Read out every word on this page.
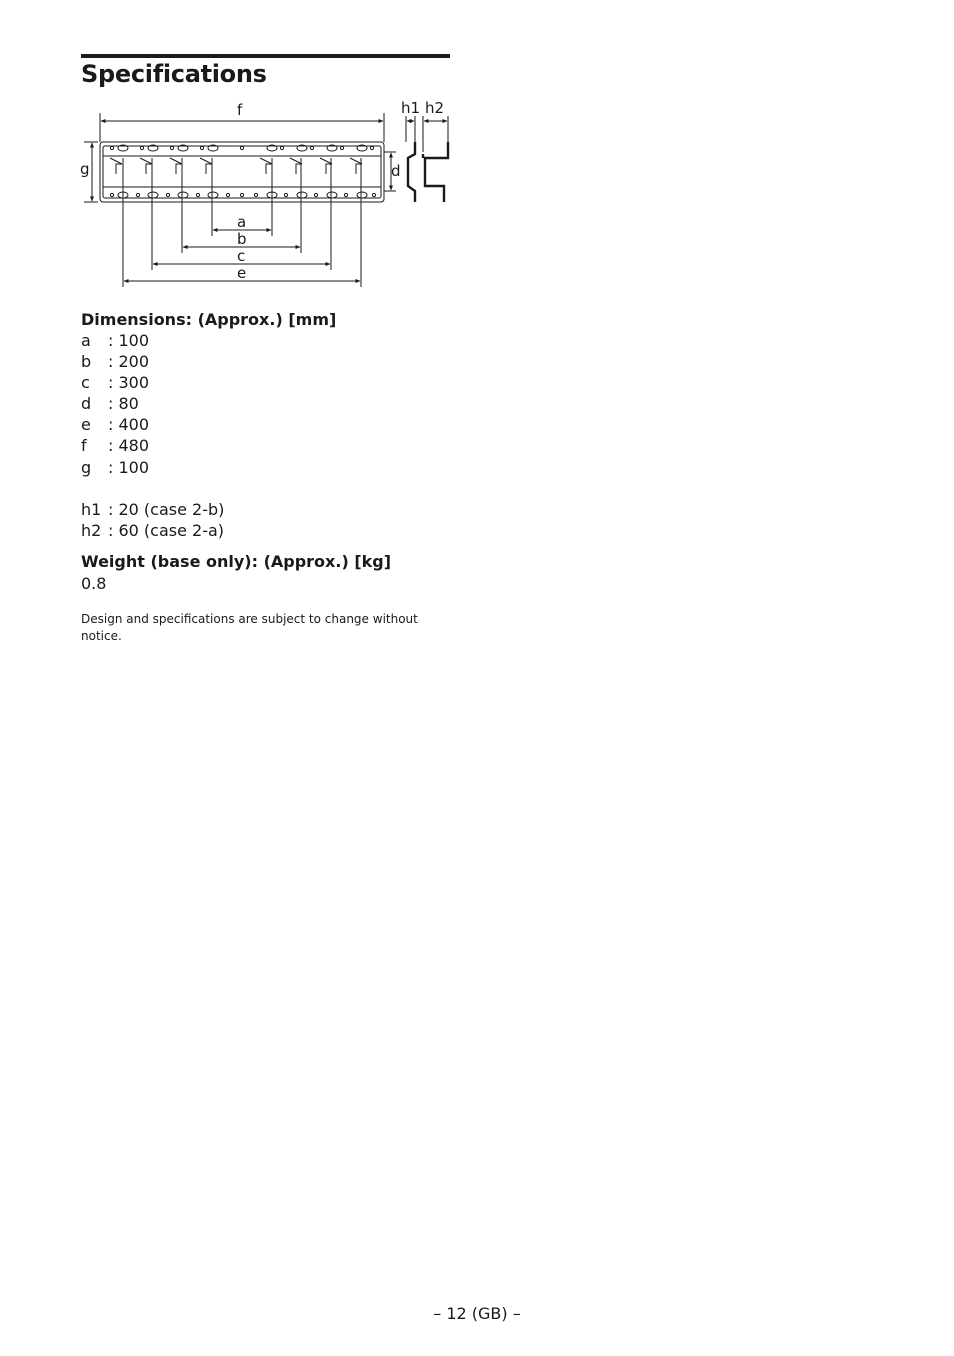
Specifications
f
g	d
a
b
c
e
h1 h2
Dimensions: (Approx.) [mm]
a : 100
b : 200
c : 300
d : 80
e : 400
f : 480
g : 100
h1 : 20 (case 2-b)
h2 : 60 (case 2-a)
Weight (base only): (Approx.) [kg]
0.8

Design and specifications are subject to change without notice.

– 12 (GB) –
